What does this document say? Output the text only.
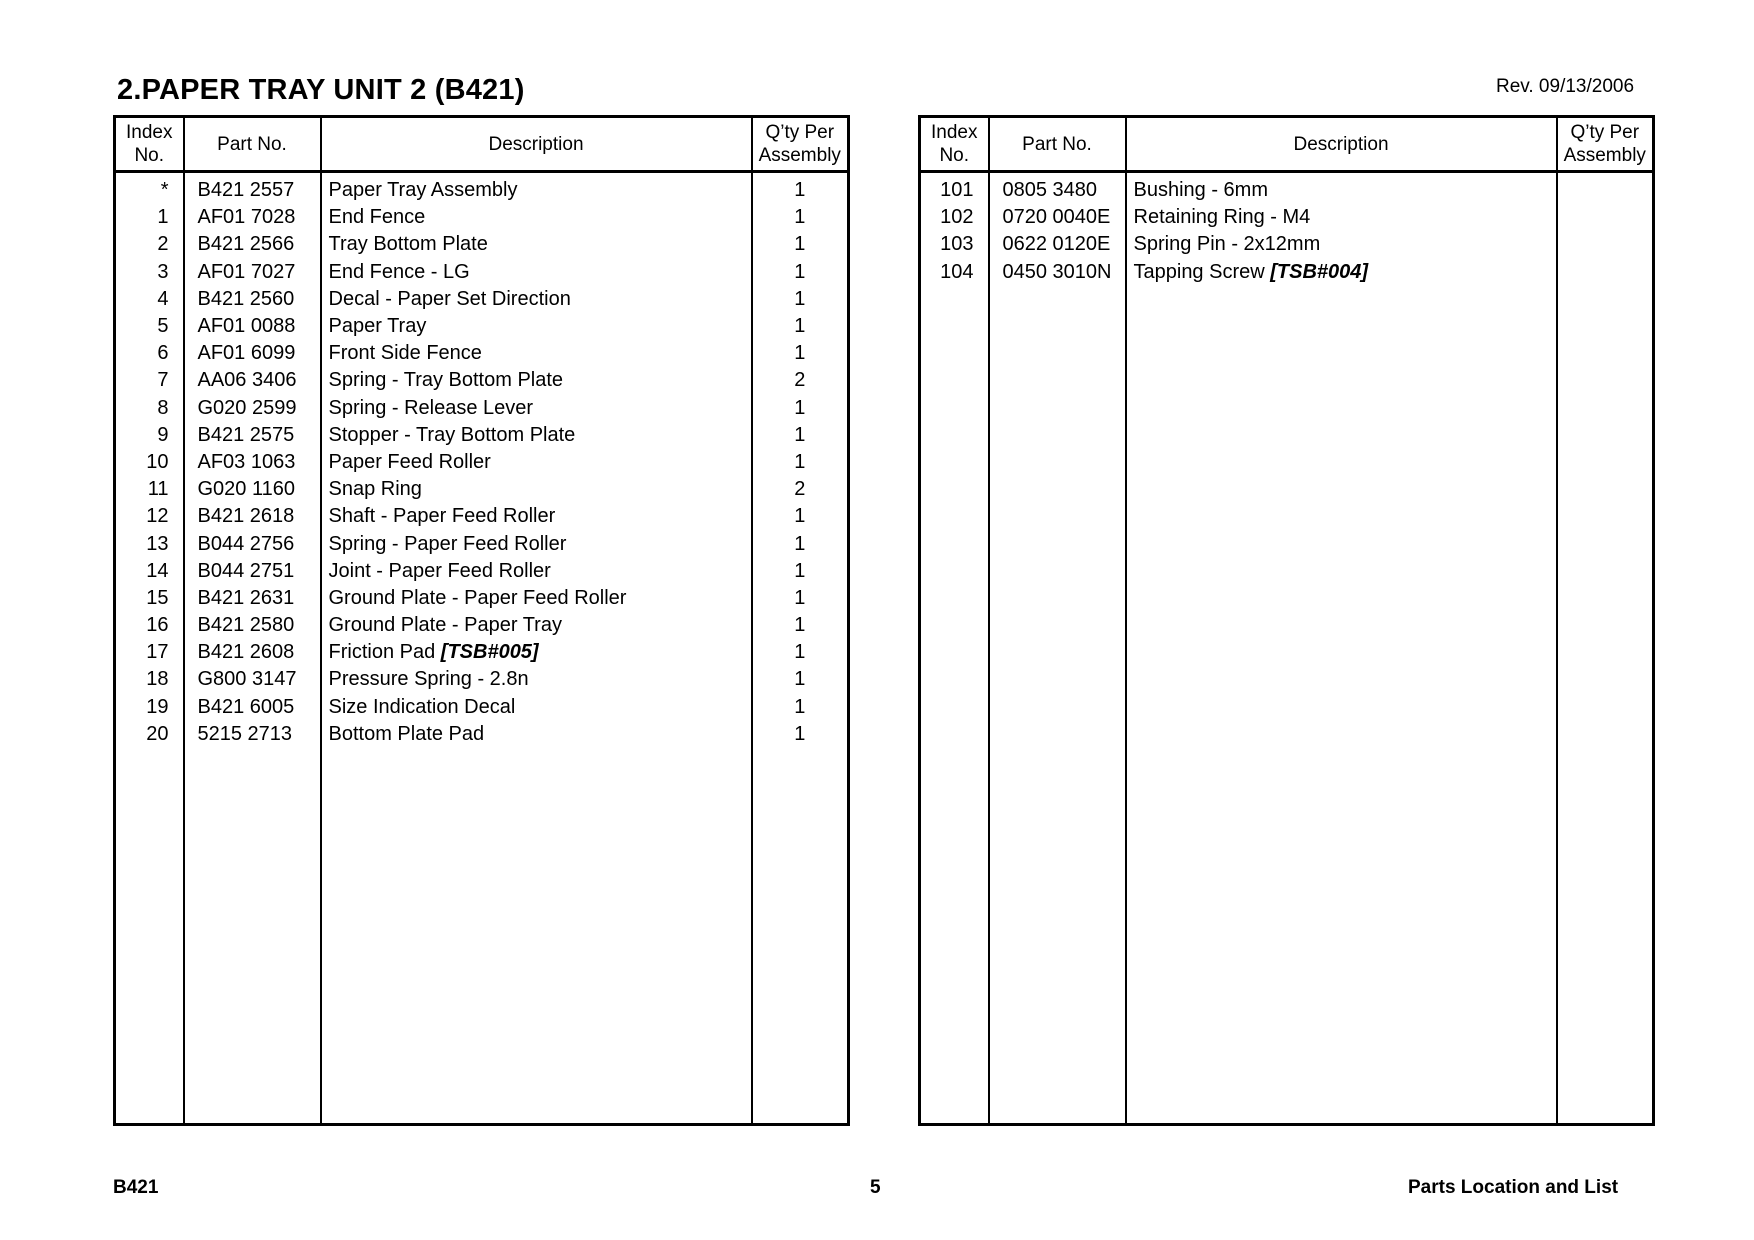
2.PAPER TRAY UNIT 2 (B421)	Rev. 09/13/2006
Index No.	Part No.	Description	Q’ty Per Assembly
*	B421 2557	Paper Tray Assembly	1
1	AF01 7028	End Fence	1
2	B421 2566	Tray Bottom Plate	1
3	AF01 7027	End Fence - LG	1
4	B421 2560	Decal - Paper Set Direction	1
5	AF01 0088	Paper Tray	1
6	AF01 6099	Front Side Fence	1
7	AA06 3406	Spring - Tray Bottom Plate	2
8	G020 2599	Spring - Release Lever	1
9	B421 2575	Stopper - Tray Bottom Plate	1
10	AF03 1063	Paper Feed Roller	1
11	G020 1160	Snap Ring	2
12	B421 2618	Shaft - Paper Feed Roller	1
13	B044 2756	Spring - Paper Feed Roller	1
14	B044 2751	Joint - Paper Feed Roller	1
15	B421 2631	Ground Plate - Paper Feed Roller	1
16	B421 2580	Ground Plate - Paper Tray	1
17	B421 2608	Friction Pad [TSB#005]	1
18	G800 3147	Pressure Spring - 2.8n	1
19	B421 6005	Size Indication Decal	1
20	5215 2713	Bottom Plate Pad	1

Index No.	Part No.	Description	Q’ty Per Assembly
101	0805 3480	Bushing - 6mm	
102	0720 0040E	Retaining Ring - M4	
103	0622 0120E	Spring Pin - 2x12mm	
104	0450 3010N	Tapping Screw [TSB#004]	

B421	5	Parts Location and List
